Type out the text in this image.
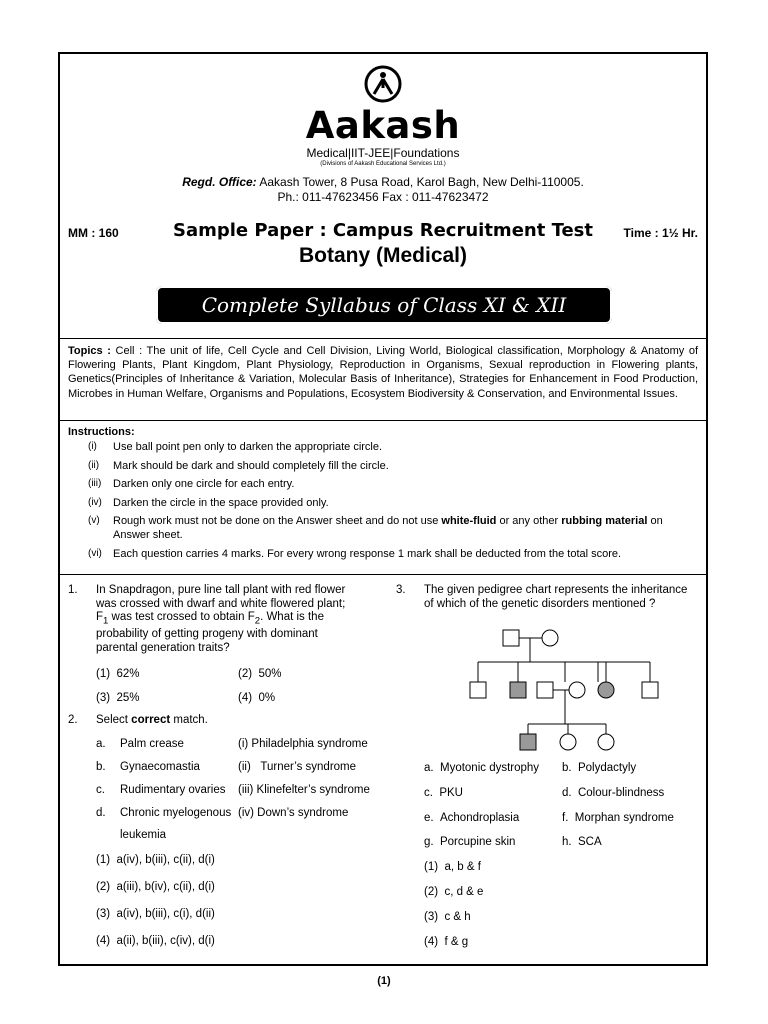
Aakash
Medical|IIT-JEE|Foundations
(Divisions of Aakash Educational Services Ltd.)
Regd. Office: Aakash Tower, 8 Pusa Road, Karol Bagh, New Delhi-110005.
Ph.: 011-47623456 Fax : 011-47623472
MM : 160	Sample Paper : Campus Recruitment Test	Time : 1½ Hr.
Botany (Medical)
Complete Syllabus of Class XI & XII
Topics : Cell : The unit of life, Cell Cycle and Cell Division, Living World, Biological classification, Morphology & Anatomy of Flowering Plants, Plant Kingdom, Plant Physiology, Reproduction in Organisms, Sexual reproduction in Flowering plants, Genetics(Principles of Inheritance & Variation, Molecular Basis of Inheritance), Strategies for Enhancement in Food Production, Microbes in Human Welfare, Organisms and Populations, Ecosystem Biodiversity & Conservation, and Environmental Issues.
Instructions:
(i)	Use ball point pen only to darken the appropriate circle.
(ii)	Mark should be dark and should completely fill the circle.
(iii)	Darken only one circle for each entry.
(iv)	Darken the circle in the space provided only.
(v)	Rough work must not be done on the Answer sheet and do not use white-fluid or any other rubbing material on Answer sheet.
(vi)	Each question carries 4 marks. For every wrong response 1 mark shall be deducted from the total score.
1. In Snapdragon, pure line tall plant with red flower
was crossed with dwarf and white flowered plant;
$F_1$ was test crossed to obtain $F_2$. What is the
probability of getting progeny with dominant
parental generation traits?
(1) 62%	(2) 50%
(3) 25%	(4) 0%
2. Select correct match.
a. Palm crease	(i) Philadelphia syndrome
b. Gynaecomastia	(ii) Turner’s syndrome
c. Rudimentary ovaries (iii) Klinefelter’s syndrome
d. Chronic myelogenous (iv) Down’s syndrome
leukemia
(1) a(iv), b(iii), c(ii), d(i)
(2) a(iii), b(iv), c(ii), d(i)
(3) a(iv), b(iii), c(i), d(ii)
(4) a(ii), b(iii), c(iv), d(i)
3. The given pedigree chart represents the inheritance
of which of the genetic disorders mentioned ?
a. Myotonic dystrophy b. Polydactyly
c. PKU	d. Colour-blindness
e. Achondroplasia	f. Morphan syndrome
g. Porcupine skin	h. SCA
(1) a, b & f
(2) c, d & e
(3) c & h
(4) f & g
(1)
